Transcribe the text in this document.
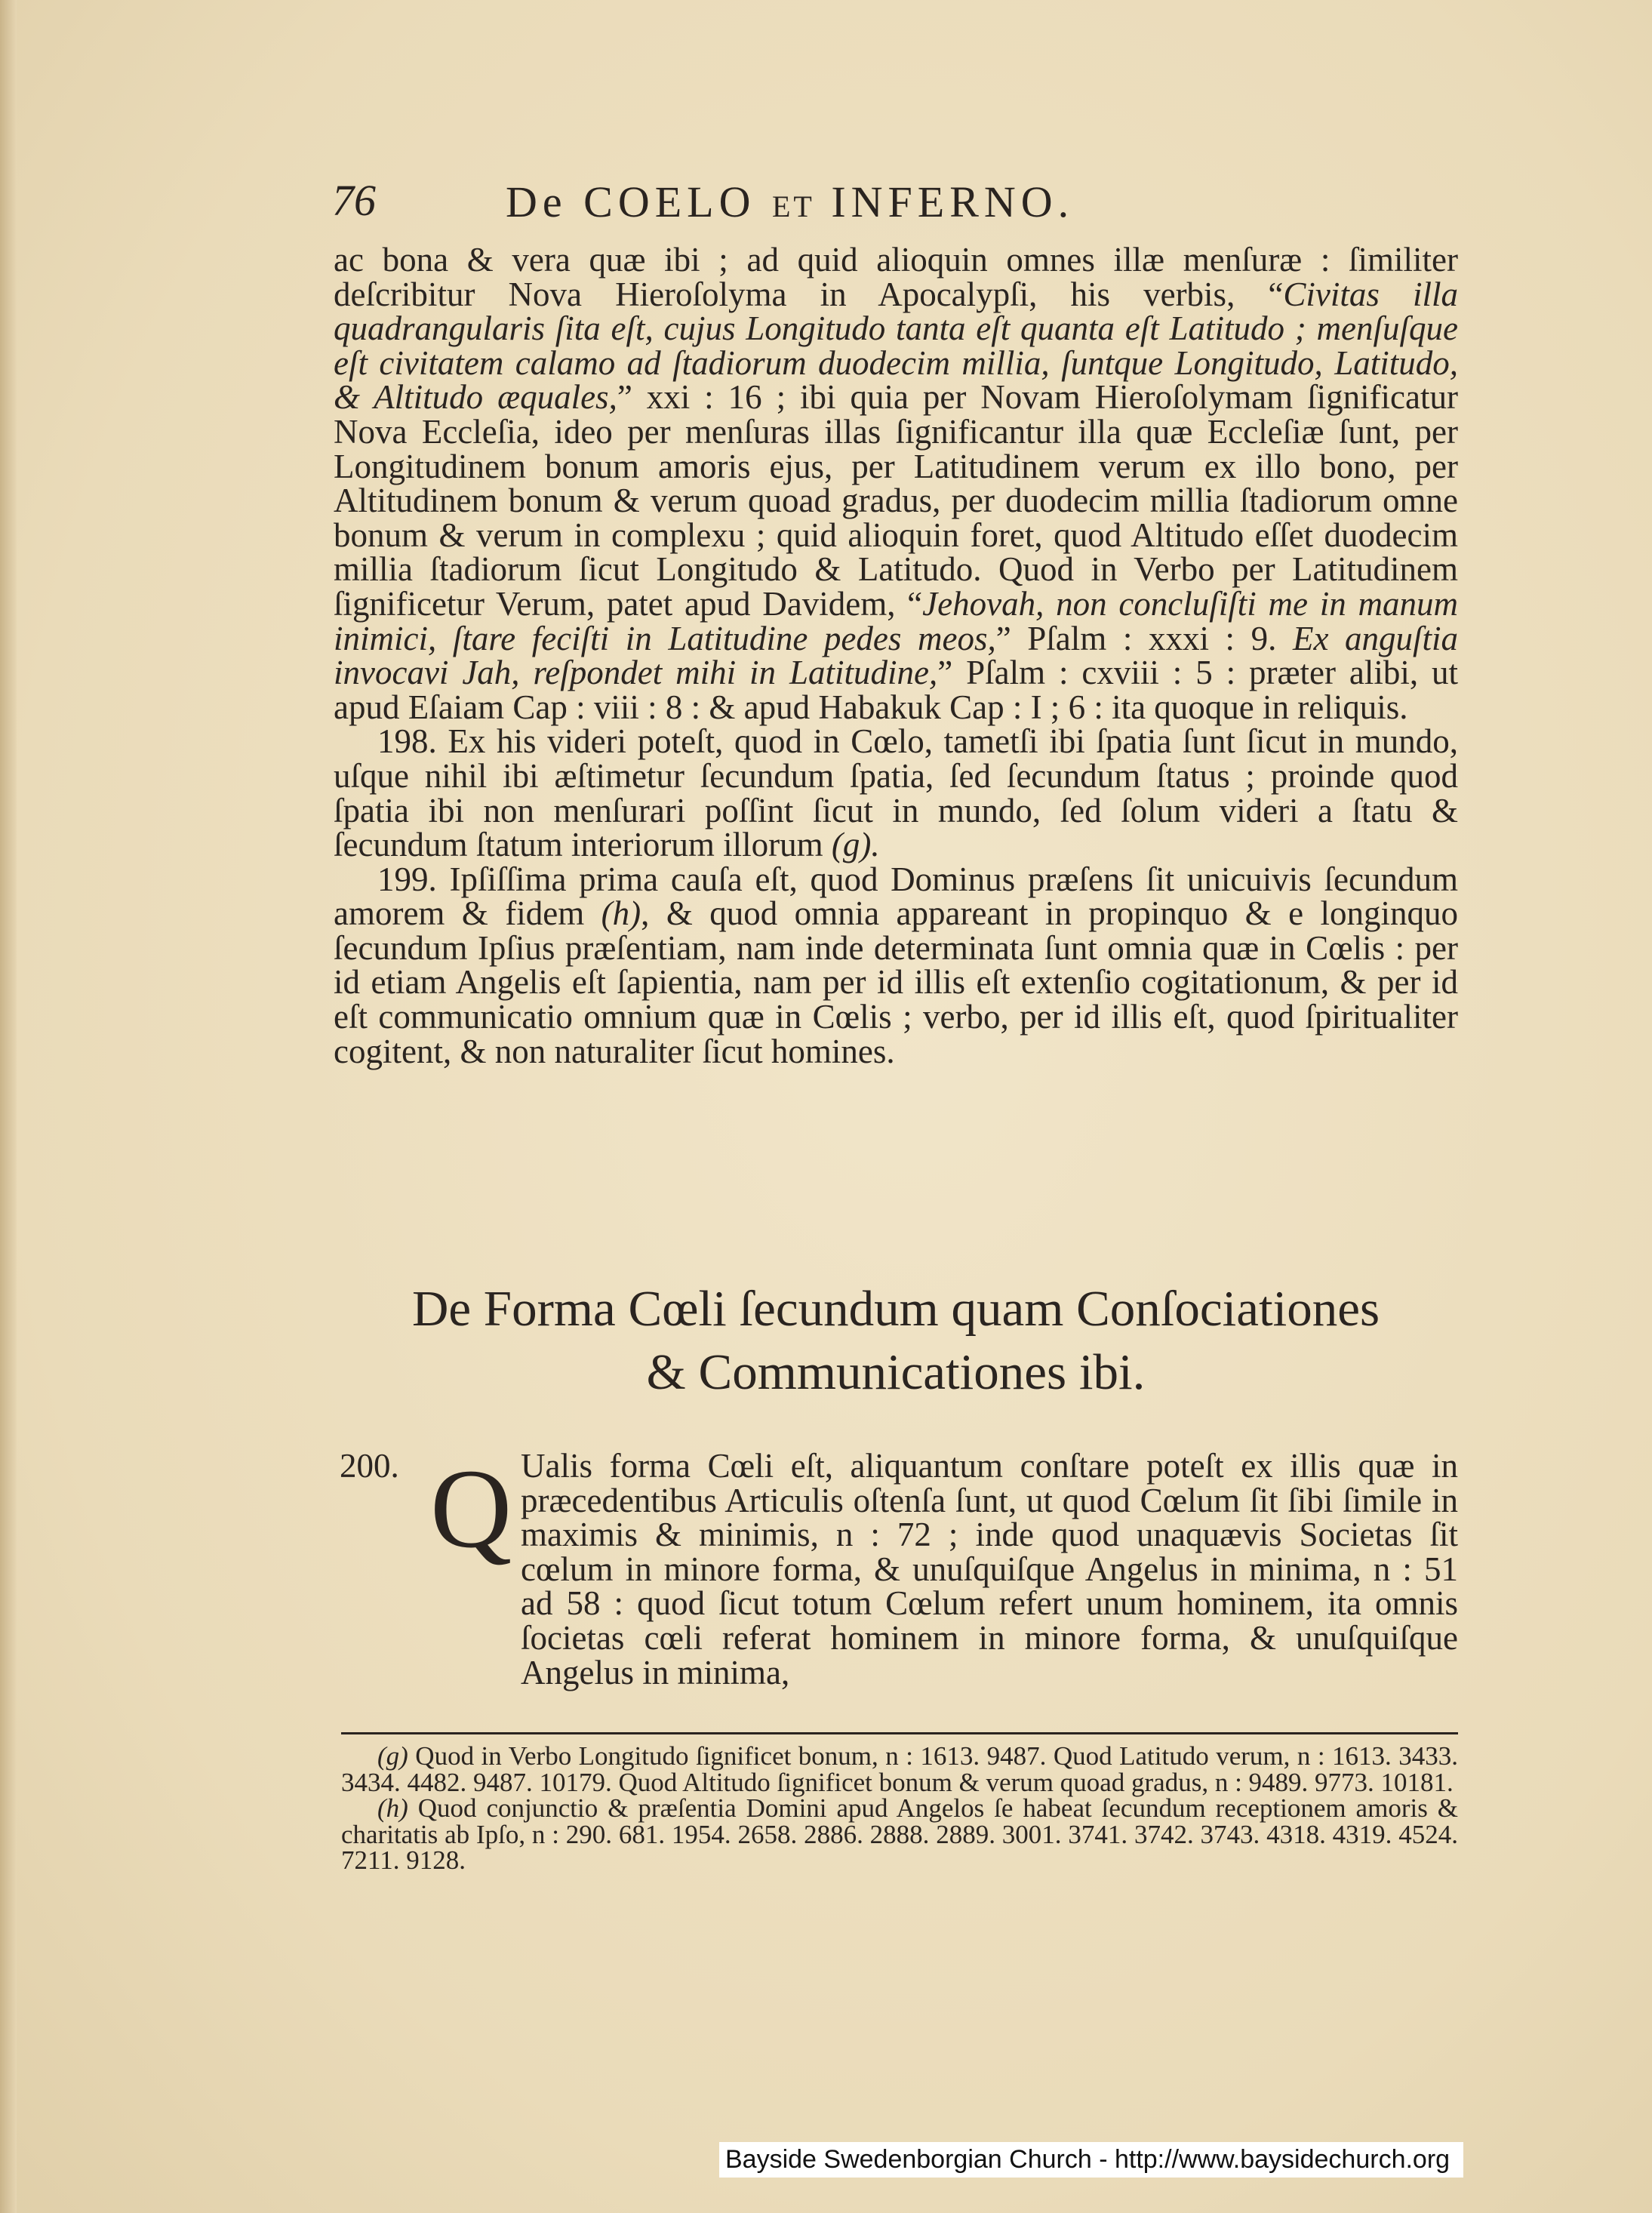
76	De COELO ET INFERNO.

ac bona & vera quæ ibi ; ad quid alioquin omnes illæ menſuræ : ſimiliter deſcribitur Nova Hieroſolyma in Apocalypſi, his verbis, “Civitas illa quadrangularis ſita eſt, cujus Longitudo tanta eſt quanta eſt Latitudo ; menſuſque eſt civitatem calamo ad ſtadiorum duodecim millia, ſuntque Longitudo, Latitudo, & Altitudo æquales,” xxi : 16 ; ibi quia per Novam Hieroſolymam ſignificatur Nova Eccleſia, ideo per menſuras illas ſignificantur illa quæ Eccleſiæ ſunt, per Longitudinem bonum amoris ejus, per Latitudinem verum ex illo bono, per Altitudinem bonum & verum quoad gradus, per duodecim millia ſtadiorum omne bonum & verum in complexu ; quid alioquin foret, quod Altitudo eſſet duodecim millia ſtadiorum ſicut Longitudo & Latitudo. Quod in Verbo per Latitudinem ſignificetur Verum, patet apud Davidem, “Jehovah, non concluſiſti me in manum inimici, ſtare feciſti in Latitudine pedes meos,” Pſalm : xxxi : 9. Ex anguſtia invocavi Jah, reſpondet mihi in Latitudine,” Pſalm : cxviii : 5 : præter alibi, ut apud Eſaiam Cap : viii : 8 : & apud Habakuk Cap : I ; 6 : ita quoque in reliquis.

198. Ex his videri poteſt, quod in Cœlo, tametſi ibi ſpatia ſunt ſicut in mundo, uſque nihil ibi æſtimetur ſecundum ſpatia, ſed ſecundum ſtatus ; proinde quod ſpatia ibi non menſurari poſſint ſicut in mundo, ſed ſolum videri a ſtatu & ſecundum ſtatum interiorum illorum (g).

199. Ipſiſſima prima cauſa eſt, quod Dominus præſens ſit unicuivis ſecundum amorem & fidem (h), & quod omnia appareant in propinquo & e longinquo ſecundum Ipſius præſentiam, nam inde determinata ſunt omnia quæ in Cœlis : per id etiam Angelis eſt ſapientia, nam per id illis eſt extenſio cogitationum, & per id eſt communicatio omnium quæ in Cœlis ; verbo, per id illis eſt, quod ſpiritualiter cogitent, & non naturaliter ſicut homines.

De Forma Cœli ſecundum quam Conſociationes
& Communicationes ibi.
200. Q Ualis forma Cœli eſt, aliquantum conſtare poteſt ex illis quæ in præcedentibus Articulis oſtenſa ſunt, ut quod Cœlum ſit ſibi ſimile in maximis & minimis, n : 72 ; inde quod unaquævis Societas ſit cœlum in minore forma, & unuſquiſque Angelus in minima, n : 51 ad 58 : quod ſicut totum Cœlum refert unum hominem, ita omnis ſocietas cœli referat hominem in minore forma, & unuſquiſque Angelus in minima,

(g) Quod in Verbo Longitudo ſignificet bonum, n : 1613. 9487. Quod Latitudo verum, n : 1613. 3433. 3434. 4482. 9487. 10179. Quod Altitudo ſignificet bonum & verum quoad gradus, n : 9489. 9773. 10181.

(h) Quod conjunctio & præſentia Domini apud Angelos ſe habeat ſecundum receptionem amoris & charitatis ab Ipſo, n : 290. 681. 1954. 2658. 2886. 2888. 2889. 3001. 3741. 3742. 3743. 4318. 4319. 4524. 7211. 9128.

Bayside Swedenborgian Church - http://www.baysidechurch.org
